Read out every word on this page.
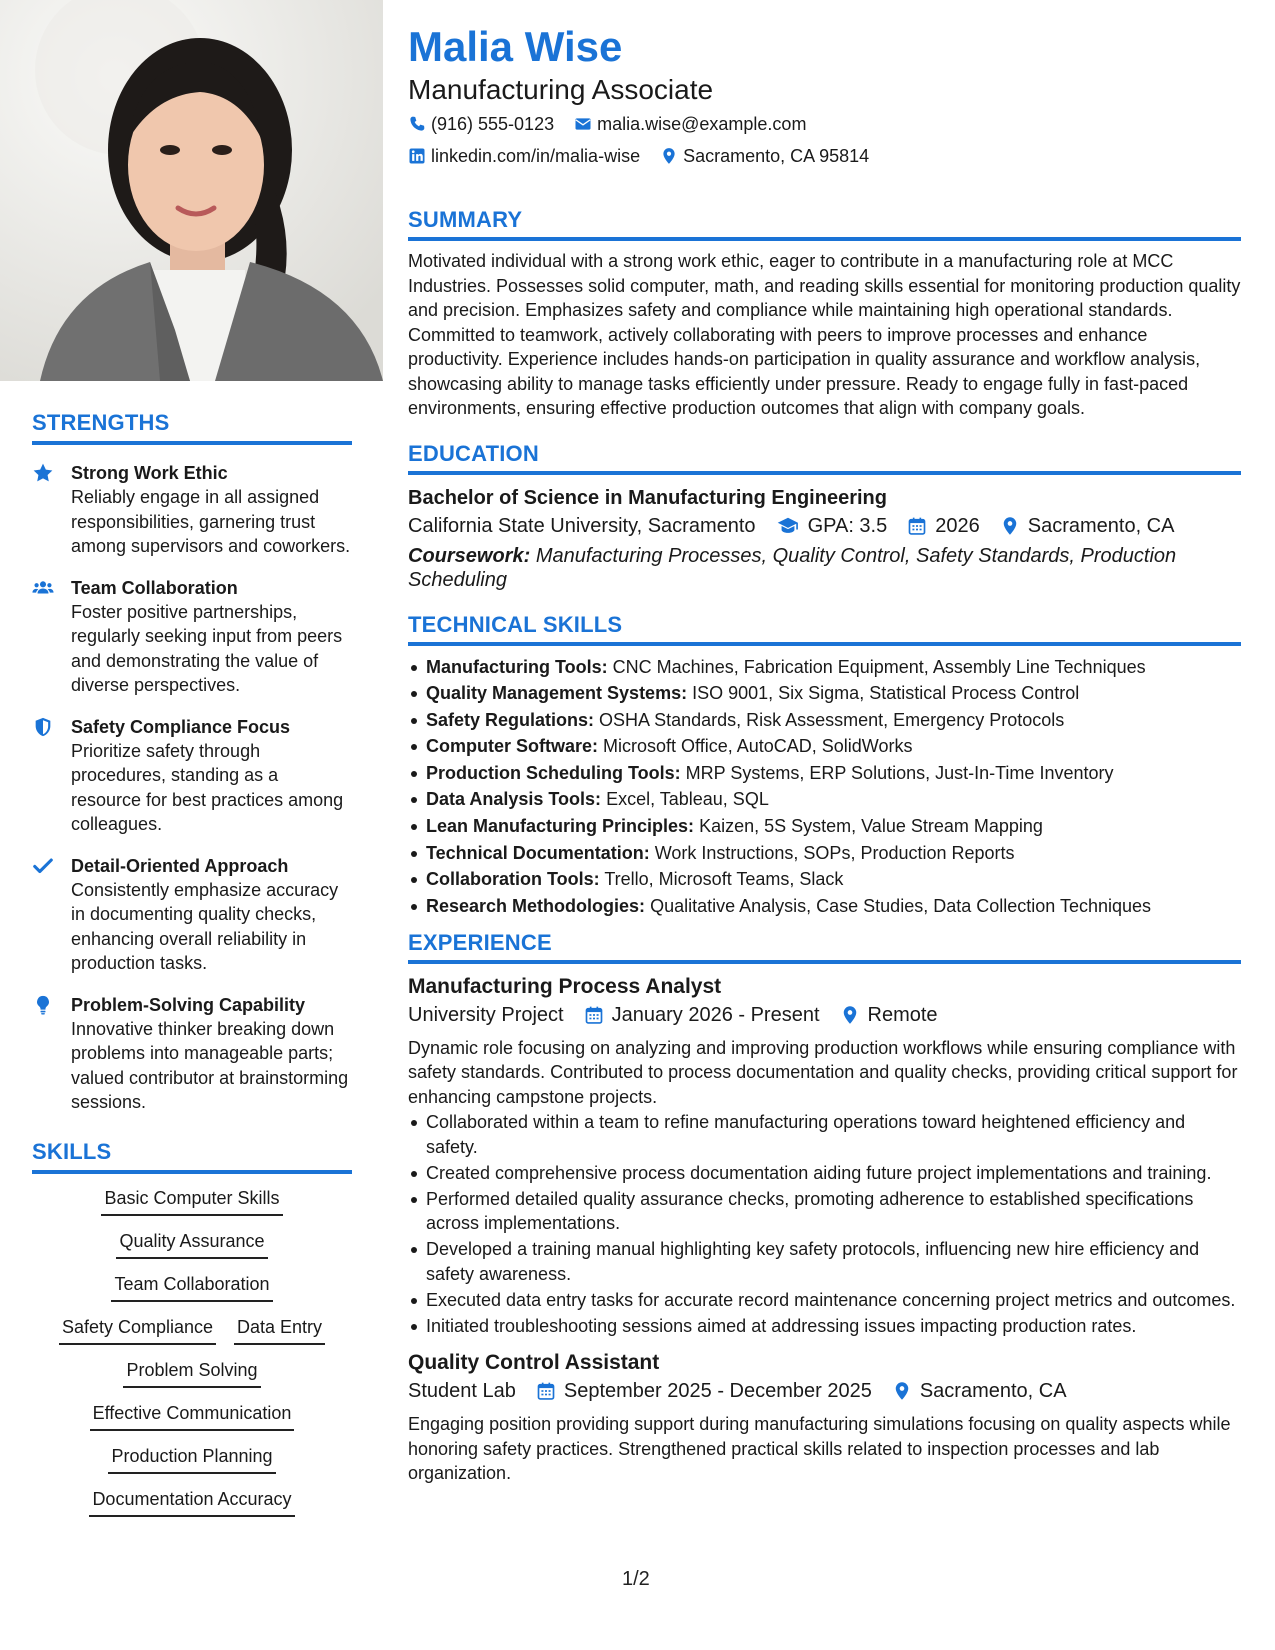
STRENGTHS
Strong Work Ethic
Reliably engage in all assigned responsibilities, garnering trust among supervisors and coworkers.
Team Collaboration
Foster positive partnerships, regularly seeking input from peers and demonstrating the value of diverse perspectives.
Safety Compliance Focus
Prioritize safety through procedures, standing as a resource for best practices among colleagues.
Detail-Oriented Approach
Consistently emphasize accuracy in documenting quality checks, enhancing overall reliability in production tasks.
Problem-Solving Capability
Innovative thinker breaking down problems into manageable parts; valued contributor at brainstorming sessions.
SKILLS
Basic Computer Skills
Quality Assurance
Team Collaboration
Safety Compliance Data Entry
Problem Solving
Effective Communication
Production Planning
Documentation Accuracy
Malia Wise
Manufacturing Associate
(916) 555-0123 malia.wise@example.com
linkedin.com/in/malia-wise Sacramento, CA 95814
SUMMARY

Motivated individual with a strong work ethic, eager to contribute in a manufacturing role at MCC Industries. Possesses solid computer, math, and reading skills essential for monitoring production quality and precision. Emphasizes safety and compliance while maintaining high operational standards. Committed to teamwork, actively collaborating with peers to improve processes and enhance productivity. Experience includes hands-on participation in quality assurance and workflow analysis, showcasing ability to manage tasks efficiently under pressure. Ready to engage fully in fast-paced environments, ensuring effective production outcomes that align with company goals.

EDUCATION
Bachelor of Science in Manufacturing Engineering
California State University, Sacramento	GPA: 3.5 2026 Sacramento, CA
Coursework: Manufacturing Processes, Quality Control, Safety Standards, Production Scheduling
TECHNICAL SKILLS
Manufacturing Tools: CNC Machines, Fabrication Equipment, Assembly Line Techniques
Quality Management Systems: ISO 9001, Six Sigma, Statistical Process Control
Safety Regulations: OSHA Standards, Risk Assessment, Emergency Protocols
Computer Software: Microsoft Office, AutoCAD, SolidWorks
Production Scheduling Tools: MRP Systems, ERP Solutions, Just-In-Time Inventory
Data Analysis Tools: Excel, Tableau, SQL
Lean Manufacturing Principles: Kaizen, 5S System, Value Stream Mapping
Technical Documentation: Work Instructions, SOPs, Production Reports
Collaboration Tools: Trello, Microsoft Teams, Slack
Research Methodologies: Qualitative Analysis, Case Studies, Data Collection Techniques
EXPERIENCE
Manufacturing Process Analyst
University Project January 2026 - Present Remote

Dynamic role focusing on analyzing and improving production workflows while ensuring compliance with safety standards. Contributed to process documentation and quality checks, providing critical support for enhancing campstone projects.

Collaborated within a team to refine manufacturing operations toward heightened efficiency and safety.
Created comprehensive process documentation aiding future project implementations and training.
Performed detailed quality assurance checks, promoting adherence to established specifications across implementations.
Developed a training manual highlighting key safety protocols, influencing new hire efficiency and safety awareness.
Executed data entry tasks for accurate record maintenance concerning project metrics and outcomes.
Initiated troubleshooting sessions aimed at addressing issues impacting production rates.
Quality Control Assistant
Student Lab September 2025 - December 2025 Sacramento, CA

Engaging position providing support during manufacturing simulations focusing on quality aspects while honoring safety practices. Strengthened practical skills related to inspection processes and lab organization.

1/2
